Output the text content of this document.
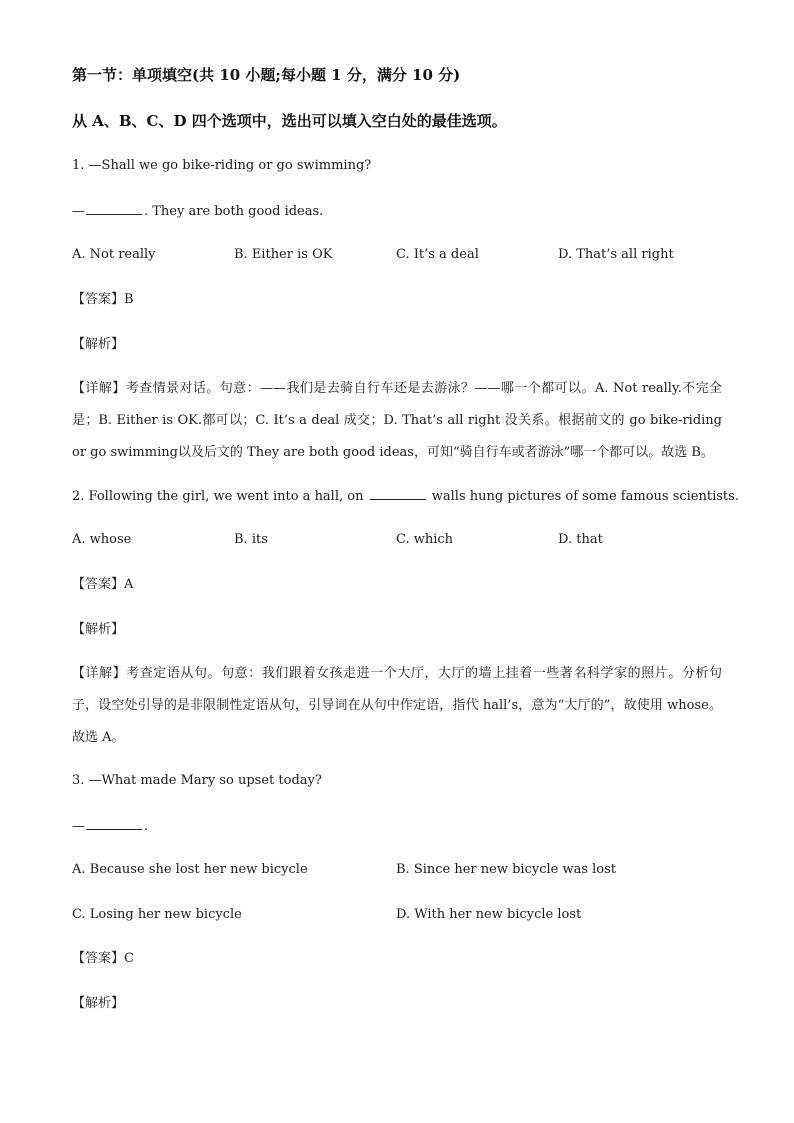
第一节：单项填空(共 10 小题;每小题 1 分，满分 10 分)
从 A、B、C、D 四个选项中，选出可以填入空白处的最佳选项。
1. —Shall we go bike-riding or go swimming?
—	. They are both good ideas.
A. Not really	B. Either is OK	C. It’s a deal	D. That’s all right
【答案】B
【解析】
【详解】考查情景对话。句意：——我们是去骑自行车还是去游泳？——哪一个都可以。A. Not really.不完全是；B. Either is OK.都可以；C. It’s a deal 成交；D. That’s all right 没关系。根据前文的 go bike-riding or go swimming以及后文的 They are both good ideas，可知“骑自行车或者游泳”哪一个都可以。故选 B。
2. Following the girl, we went into a hall, on	walls hung pictures of some famous scientists.
A. whose	B. its	C. which	D. that
【答案】A
【解析】
【详解】考查定语从句。句意：我们跟着女孩走进一个大厅，大厅的墙上挂着一些著名科学家的照片。分析句子，设空处引导的是非限制性定语从句，引导词在从句中作定语，指代 hall’s，意为“大厅的”，故使用 whose。故选 A。
3. —What made Mary so upset today?
—	.
A. Because she lost her new bicycle	B. Since her new bicycle was lost
C. Losing her new bicycle	D. With her new bicycle lost
【答案】C
【解析】
